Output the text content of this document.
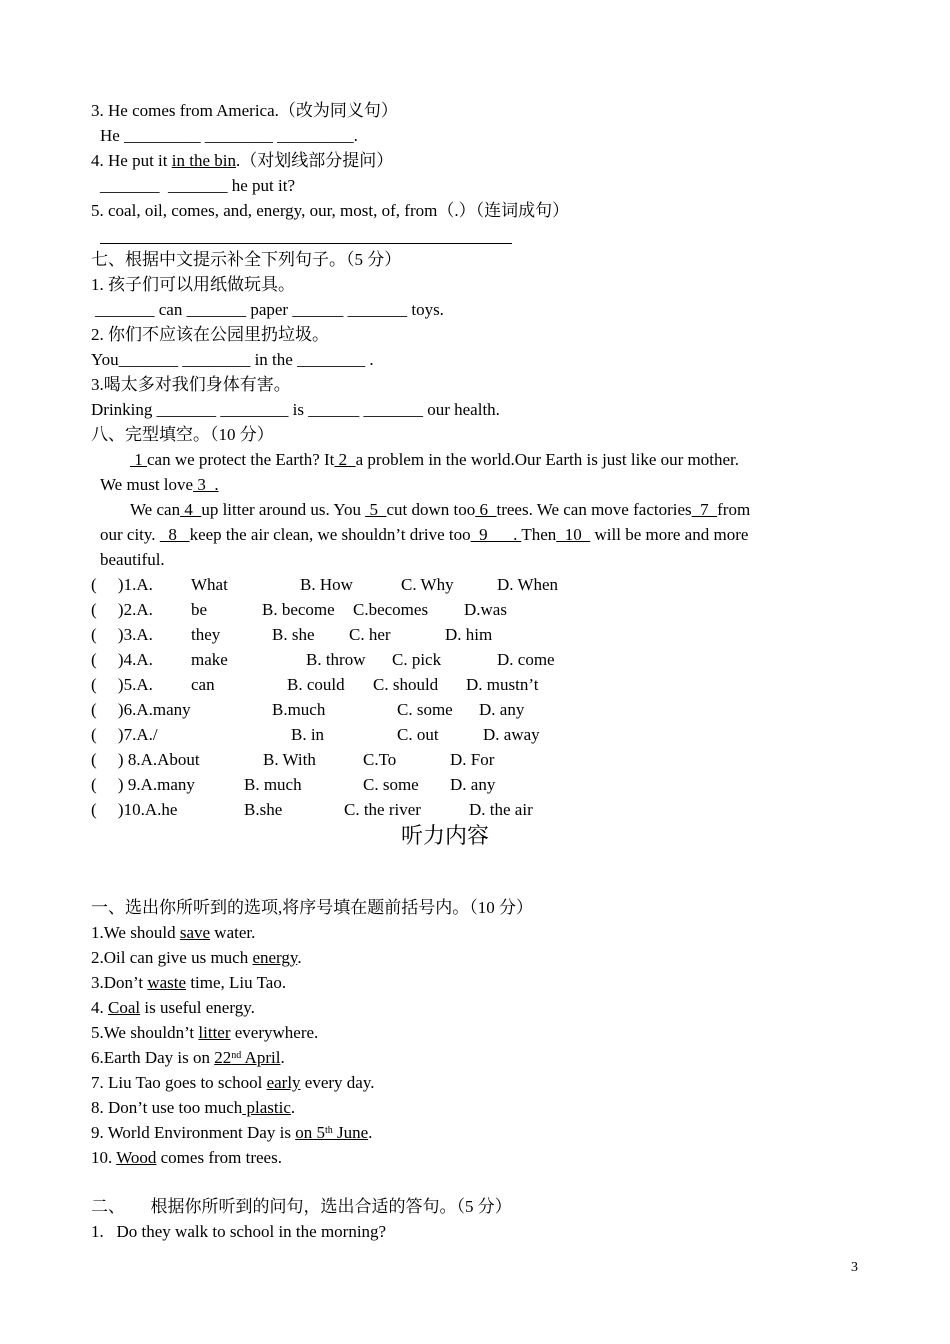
3. He comes from America.（改为同义句）
He _________ ________ _________.
4. He put it in the bin.（对划线部分提问）
_______  _______ he put it?
5. coal, oil, comes, and, energy, our, most, of, from（.）（连词成句）
七、根据中文提示补全下列句子。（5 分）
1. 孩子们可以用纸做玩具。
_______ can _______ paper ______ _______ toys.
2. 你们不应该在公园里扔垃圾。
You_______ ________ in the ________ .
3.喝太多对我们身体有害。
Drinking _______ ________ is ______ _______ our health.
八、完型填空。（10 分）
1 can we protect the Earth? It 2  a problem in the world.Our Earth is just like our mother.
We must love 3  .
We can 4  up litter around us. You  5  cut down too 6  trees. We can move factories  7  from
our city.   8   keep the air clean, we shouldn’t drive too  9      . Then  10   will be more and more
beautiful.
(     )1.A. What	B. How	C. Why	D. When
(     )2.A. be	B. become C.becomes D.was
(     )3.A. they	B. she C. her	D. him
(     )4.A. make	B. throw C. pick	D. come
(     )5.A. can	B. could C. should D. mustn’t
(     )6.A.many	B.much	C. some D. any
(     )7.A./	B. in	C. out	D. away
(     ) 8.A.About	B. With	C.To	D. For
(     ) 9.A.many	B. much	C. some D. any
(     )10.A.he	B.she	C. the river	D. the air
听力内容
一、选出你所听到的选项,将序号填在题前括号内。（10 分）
1.We should save water.
2.Oil can give us much energy.
3.Don’t waste time, Liu Tao.
4. Coal is useful energy.
5.We shouldn’t litter everywhere.
6.Earth Day is on 22nd April.
7. Liu Tao goes to school early every day.
8. Don’t use too much plastic.
9. World Environment Day is on 5th June.
10. Wood comes from trees.
二、      根据你所听到的问句，选出合适的答句。（5 分）
1.   Do they walk to school in the morning?
3
